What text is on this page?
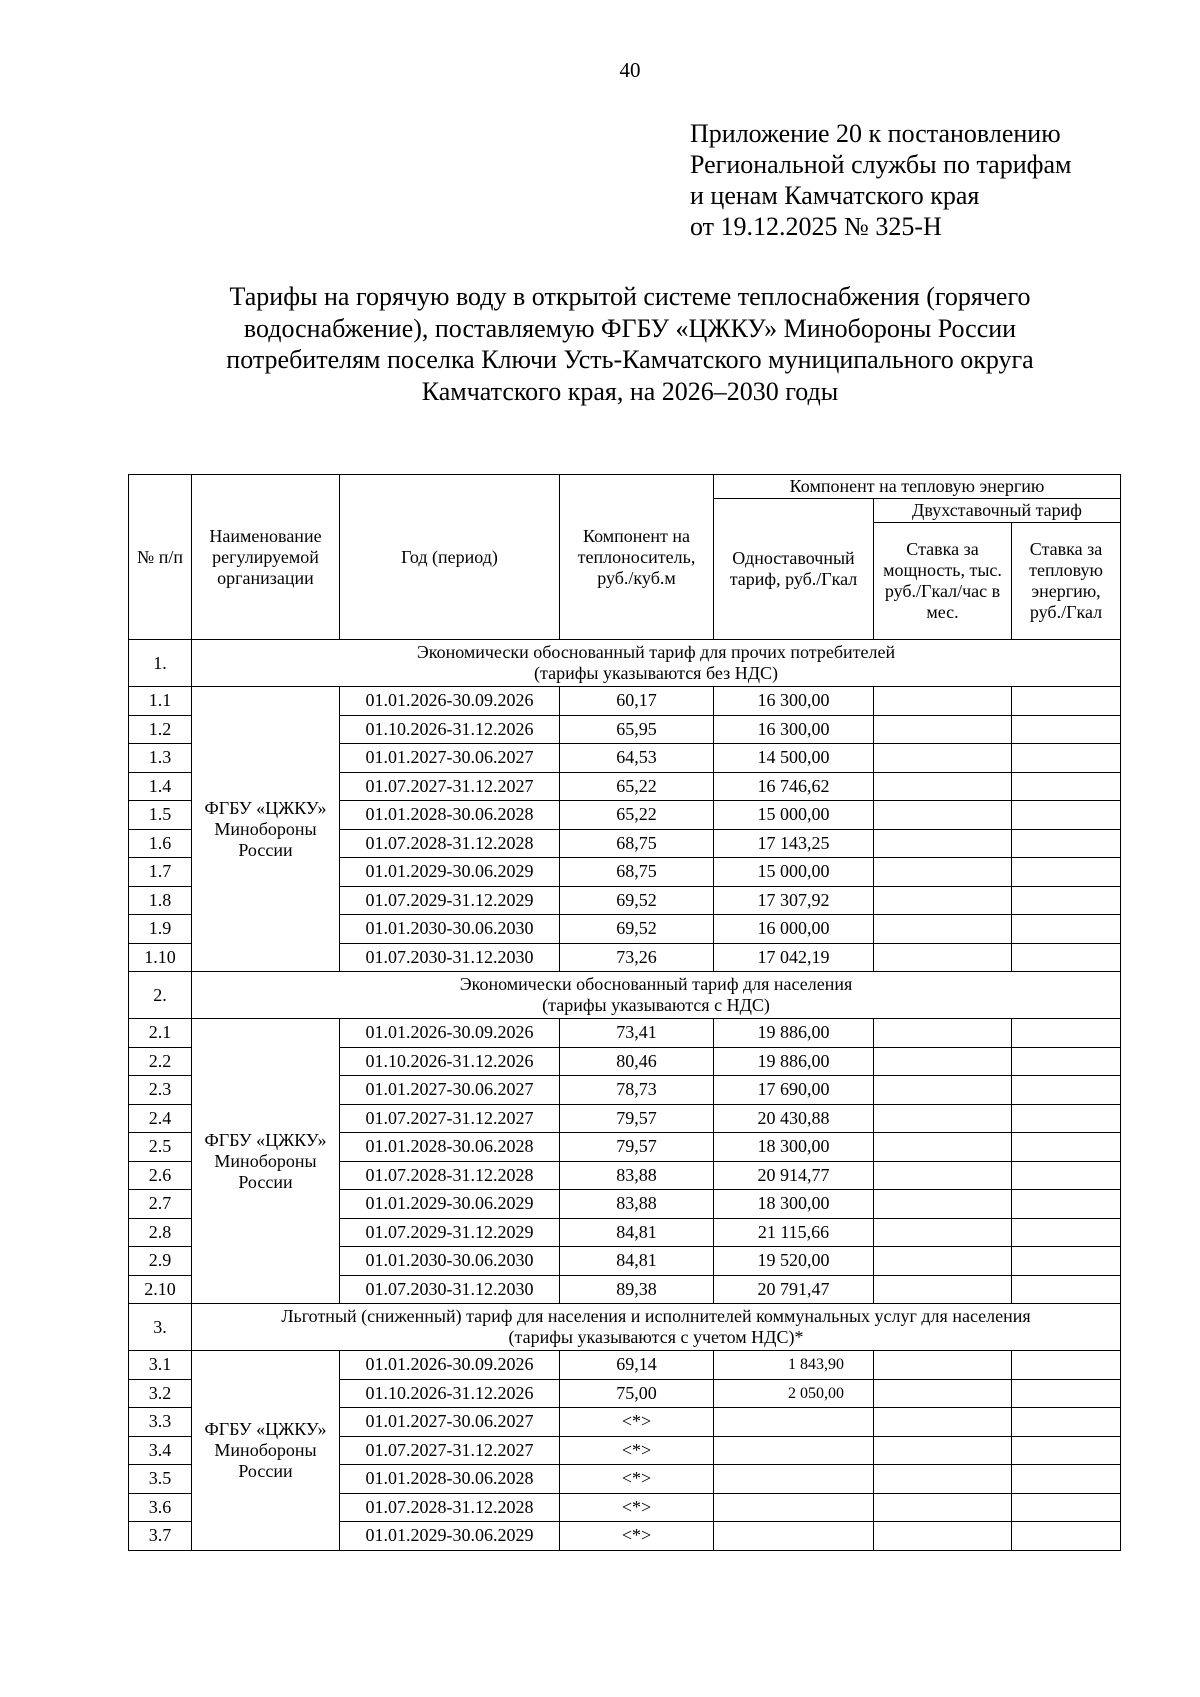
40
Приложение 20 к постановлению
Региональной службы по тарифам
и ценам Камчатского края
от 19.12.2025 № 325-Н
Тарифы на горячую воду в открытой системе теплоснабжения (горячего
водоснабжение), поставляемую ФГБУ «ЦЖКУ» Минобороны России
потребителям поселка Ключи Усть-Камчатского муниципального округа
Камчатского края, на 2026–2030 годы
№ п/п	Наименование регулируемой организации	Год (период)	Компонент на теплоноситель, руб./куб.м	Компонент на тепловую энергию		
				Одноставочный тариф, руб./Гкал	Двухставочный тариф	
					Ставка за мощность, тыс. руб./Гкал/час в мес.	Ставка за тепловую энергию, руб./Гкал
1.	Экономически обоснованный тариф для прочих потребителей
(тарифы указываются без НДС)					

1.1	ФГБУ «ЦЖКУ» Минобороны России	01.01.2026-30.09.2026	60,17	16 300,00		
1.2		01.10.2026-31.12.2026	65,95	16 300,00		
1.3		01.01.2027-30.06.2027	64,53	14 500,00		
1.4		01.07.2027-31.12.2027	65,22	16 746,62		
1.5		01.01.2028-30.06.2028	65,22	15 000,00		
1.6		01.07.2028-31.12.2028	68,75	17 143,25		
1.7		01.01.2029-30.06.2029	68,75	15 000,00		
1.8		01.07.2029-31.12.2029	69,52	17 307,92		
1.9		01.01.2030-30.06.2030	69,52	16 000,00		
1.10		01.07.2030-31.12.2030	73,26	17 042,19		
2.	Экономически обоснованный тариф для населения
(тарифы указываются с НДС)					

2.1	ФГБУ «ЦЖКУ» Минобороны России	01.01.2026-30.09.2026	73,41	19 886,00		
2.2		01.10.2026-31.12.2026	80,46	19 886,00		
2.3		01.01.2027-30.06.2027	78,73	17 690,00		
2.4		01.07.2027-31.12.2027	79,57	20 430,88		
2.5		01.01.2028-30.06.2028	79,57	18 300,00		
2.6		01.07.2028-31.12.2028	83,88	20 914,77		
2.7		01.01.2029-30.06.2029	83,88	18 300,00		
2.8		01.07.2029-31.12.2029	84,81	21 115,66		
2.9		01.01.2030-30.06.2030	84,81	19 520,00		
2.10		01.07.2030-31.12.2030	89,38	20 791,47		
3.	Льготный (сниженный) тариф для населения и исполнителей коммунальных услуг для населения
(тарифы указываются с учетом НДС)*					

3.1	ФГБУ «ЦЖКУ» Минобороны России	01.01.2026-30.09.2026	69,14	1 843,90		
3.2		01.10.2026-31.12.2026	75,00	2 050,00		
3.3		01.01.2027-30.06.2027	<*>			
3.4		01.07.2027-31.12.2027	<*>			
3.5		01.01.2028-30.06.2028	<*>			
3.6		01.07.2028-31.12.2028	<*>			
3.7		01.01.2029-30.06.2029	<*>			
